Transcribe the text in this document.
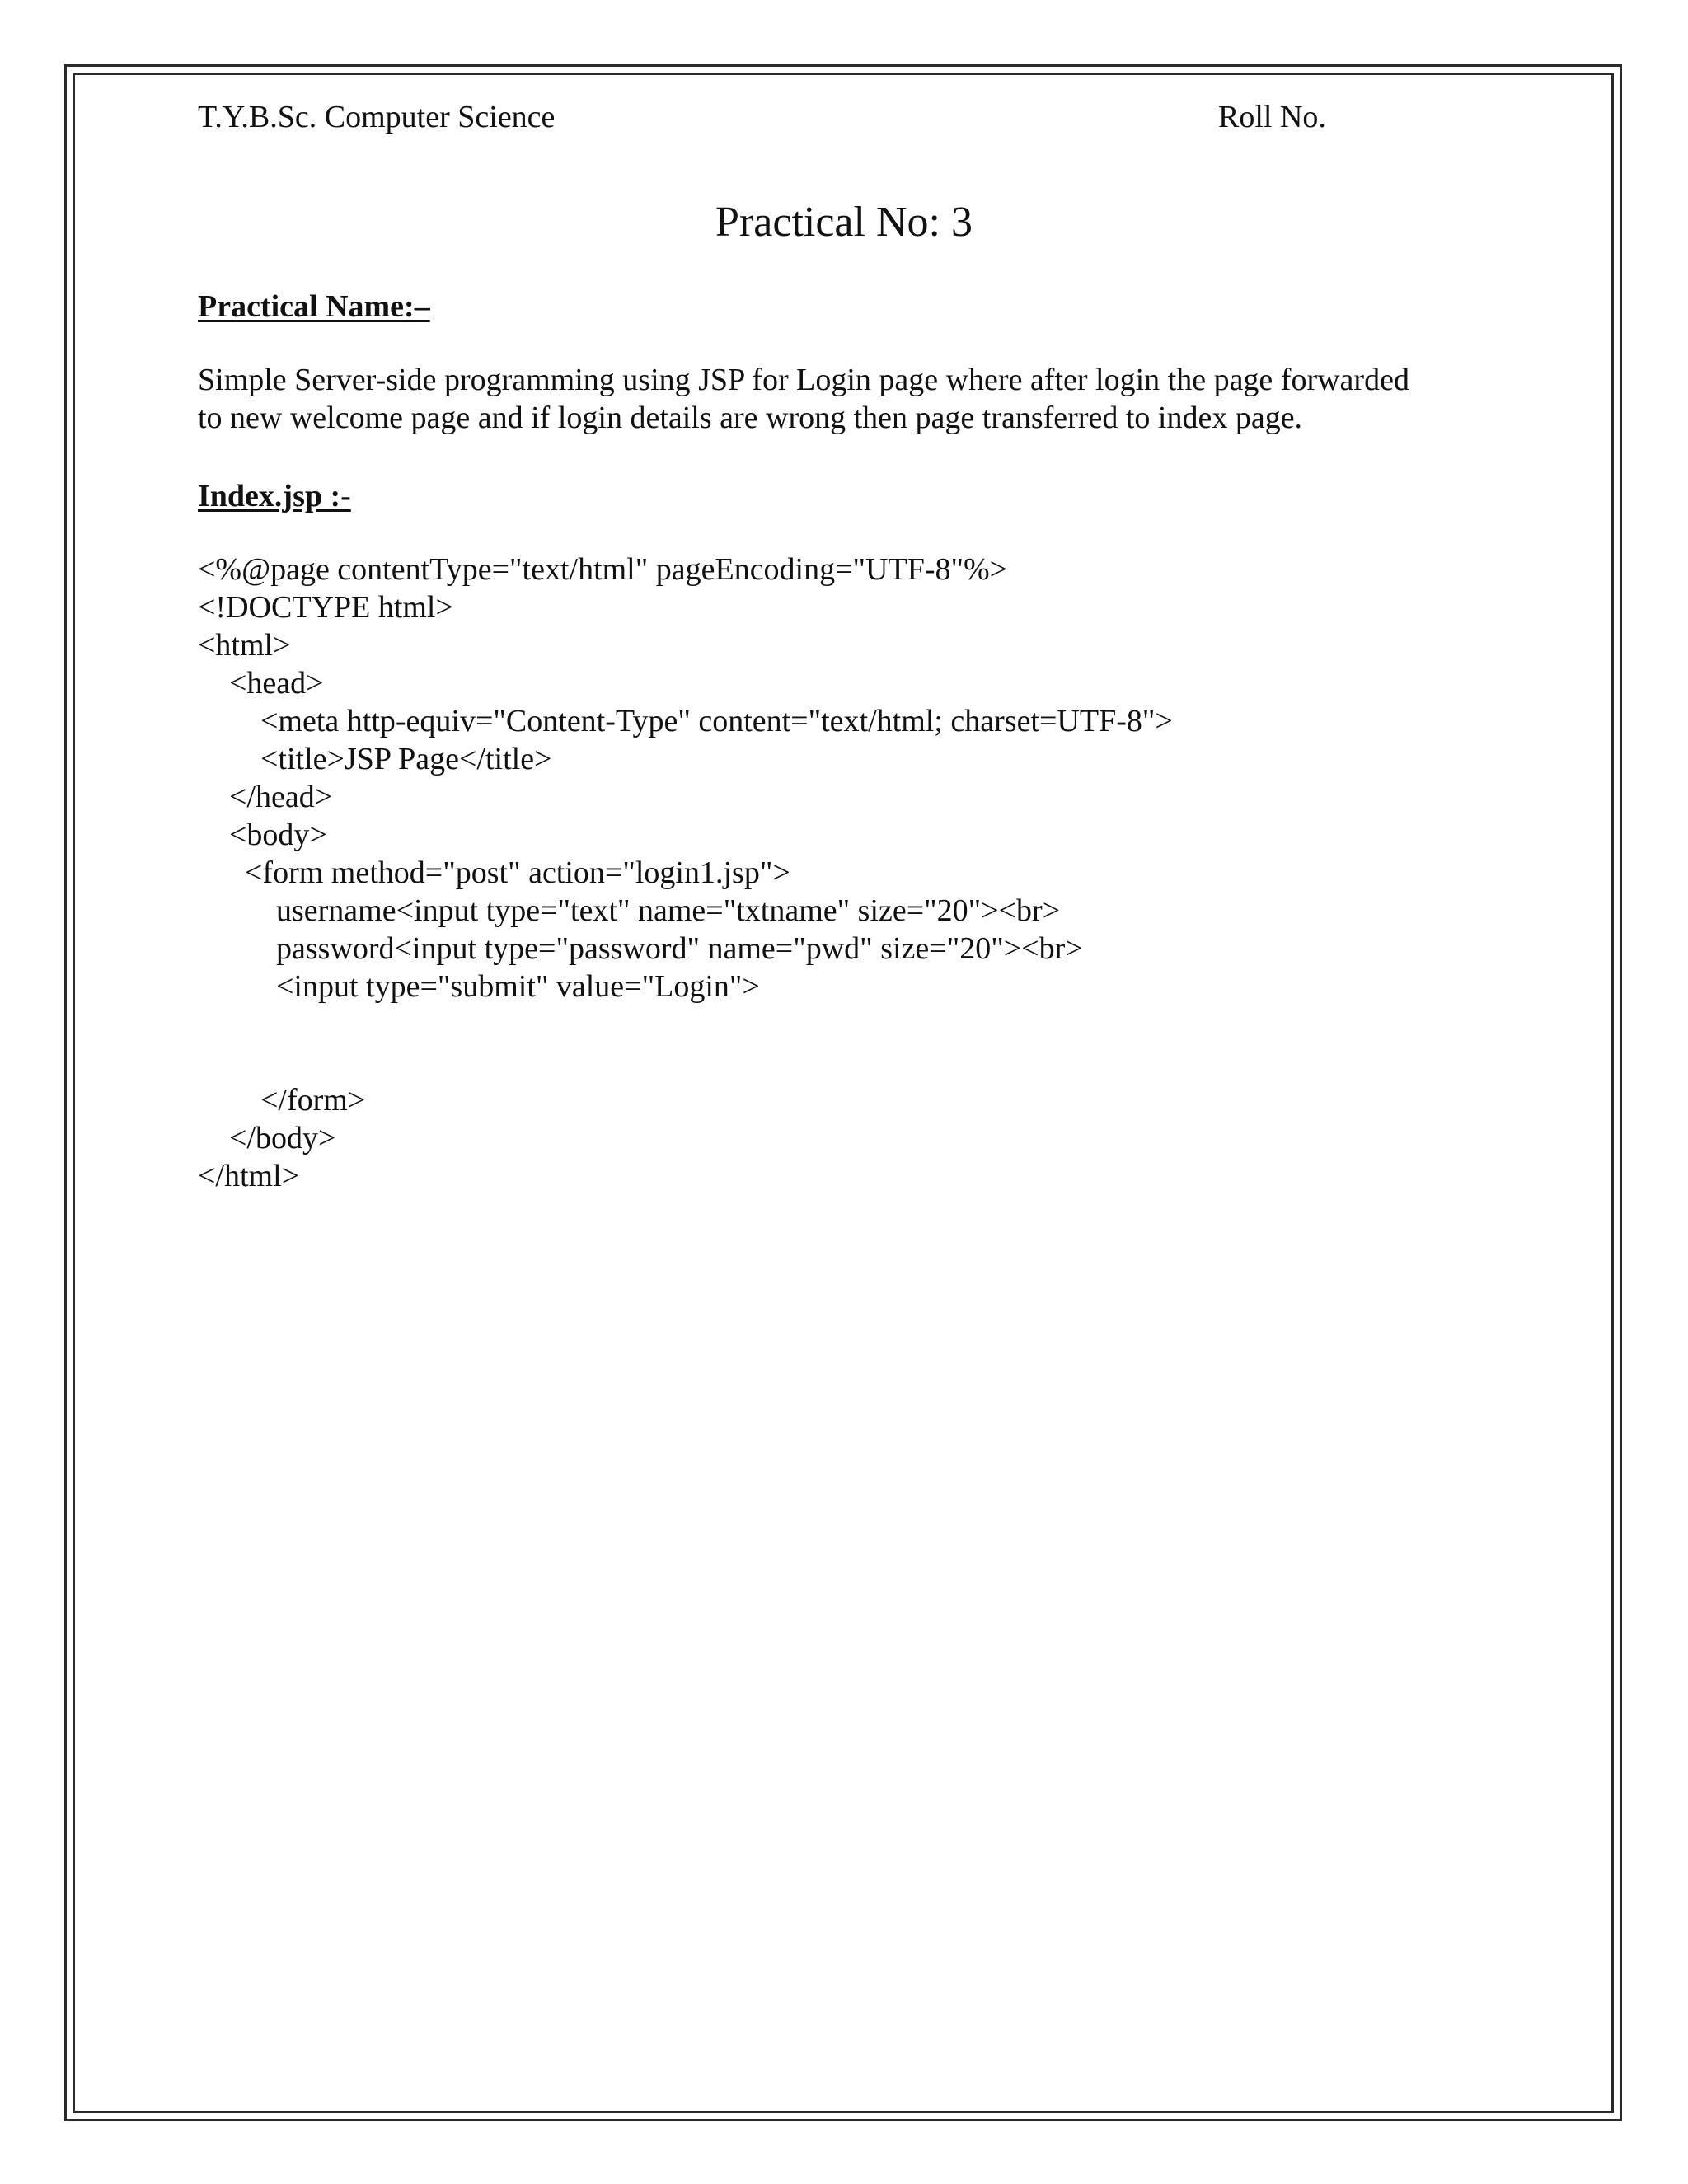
T.Y.B.Sc. Computer Science	Roll No.
Practical No: 3
Practical Name:–

Simple Server-side programming using JSP for Login page where after login the page forwarded

to new welcome page and if login details are wrong then page transferred to index page.

Index.jsp :-
<%@page contentType="text/html" pageEncoding="UTF-8"%>
<!DOCTYPE html>
<html>
<head>
<meta http-equiv="Content-Type" content="text/html; charset=UTF-8">
<title>JSP Page</title>
</head>
<body>
<form method="post" action="login1.jsp">
username<input type="text" name="txtname" size="20"><br>
password<input type="password" name="pwd" size="20"><br>
<input type="submit" value="Login">
</form>
</body>
</html>
